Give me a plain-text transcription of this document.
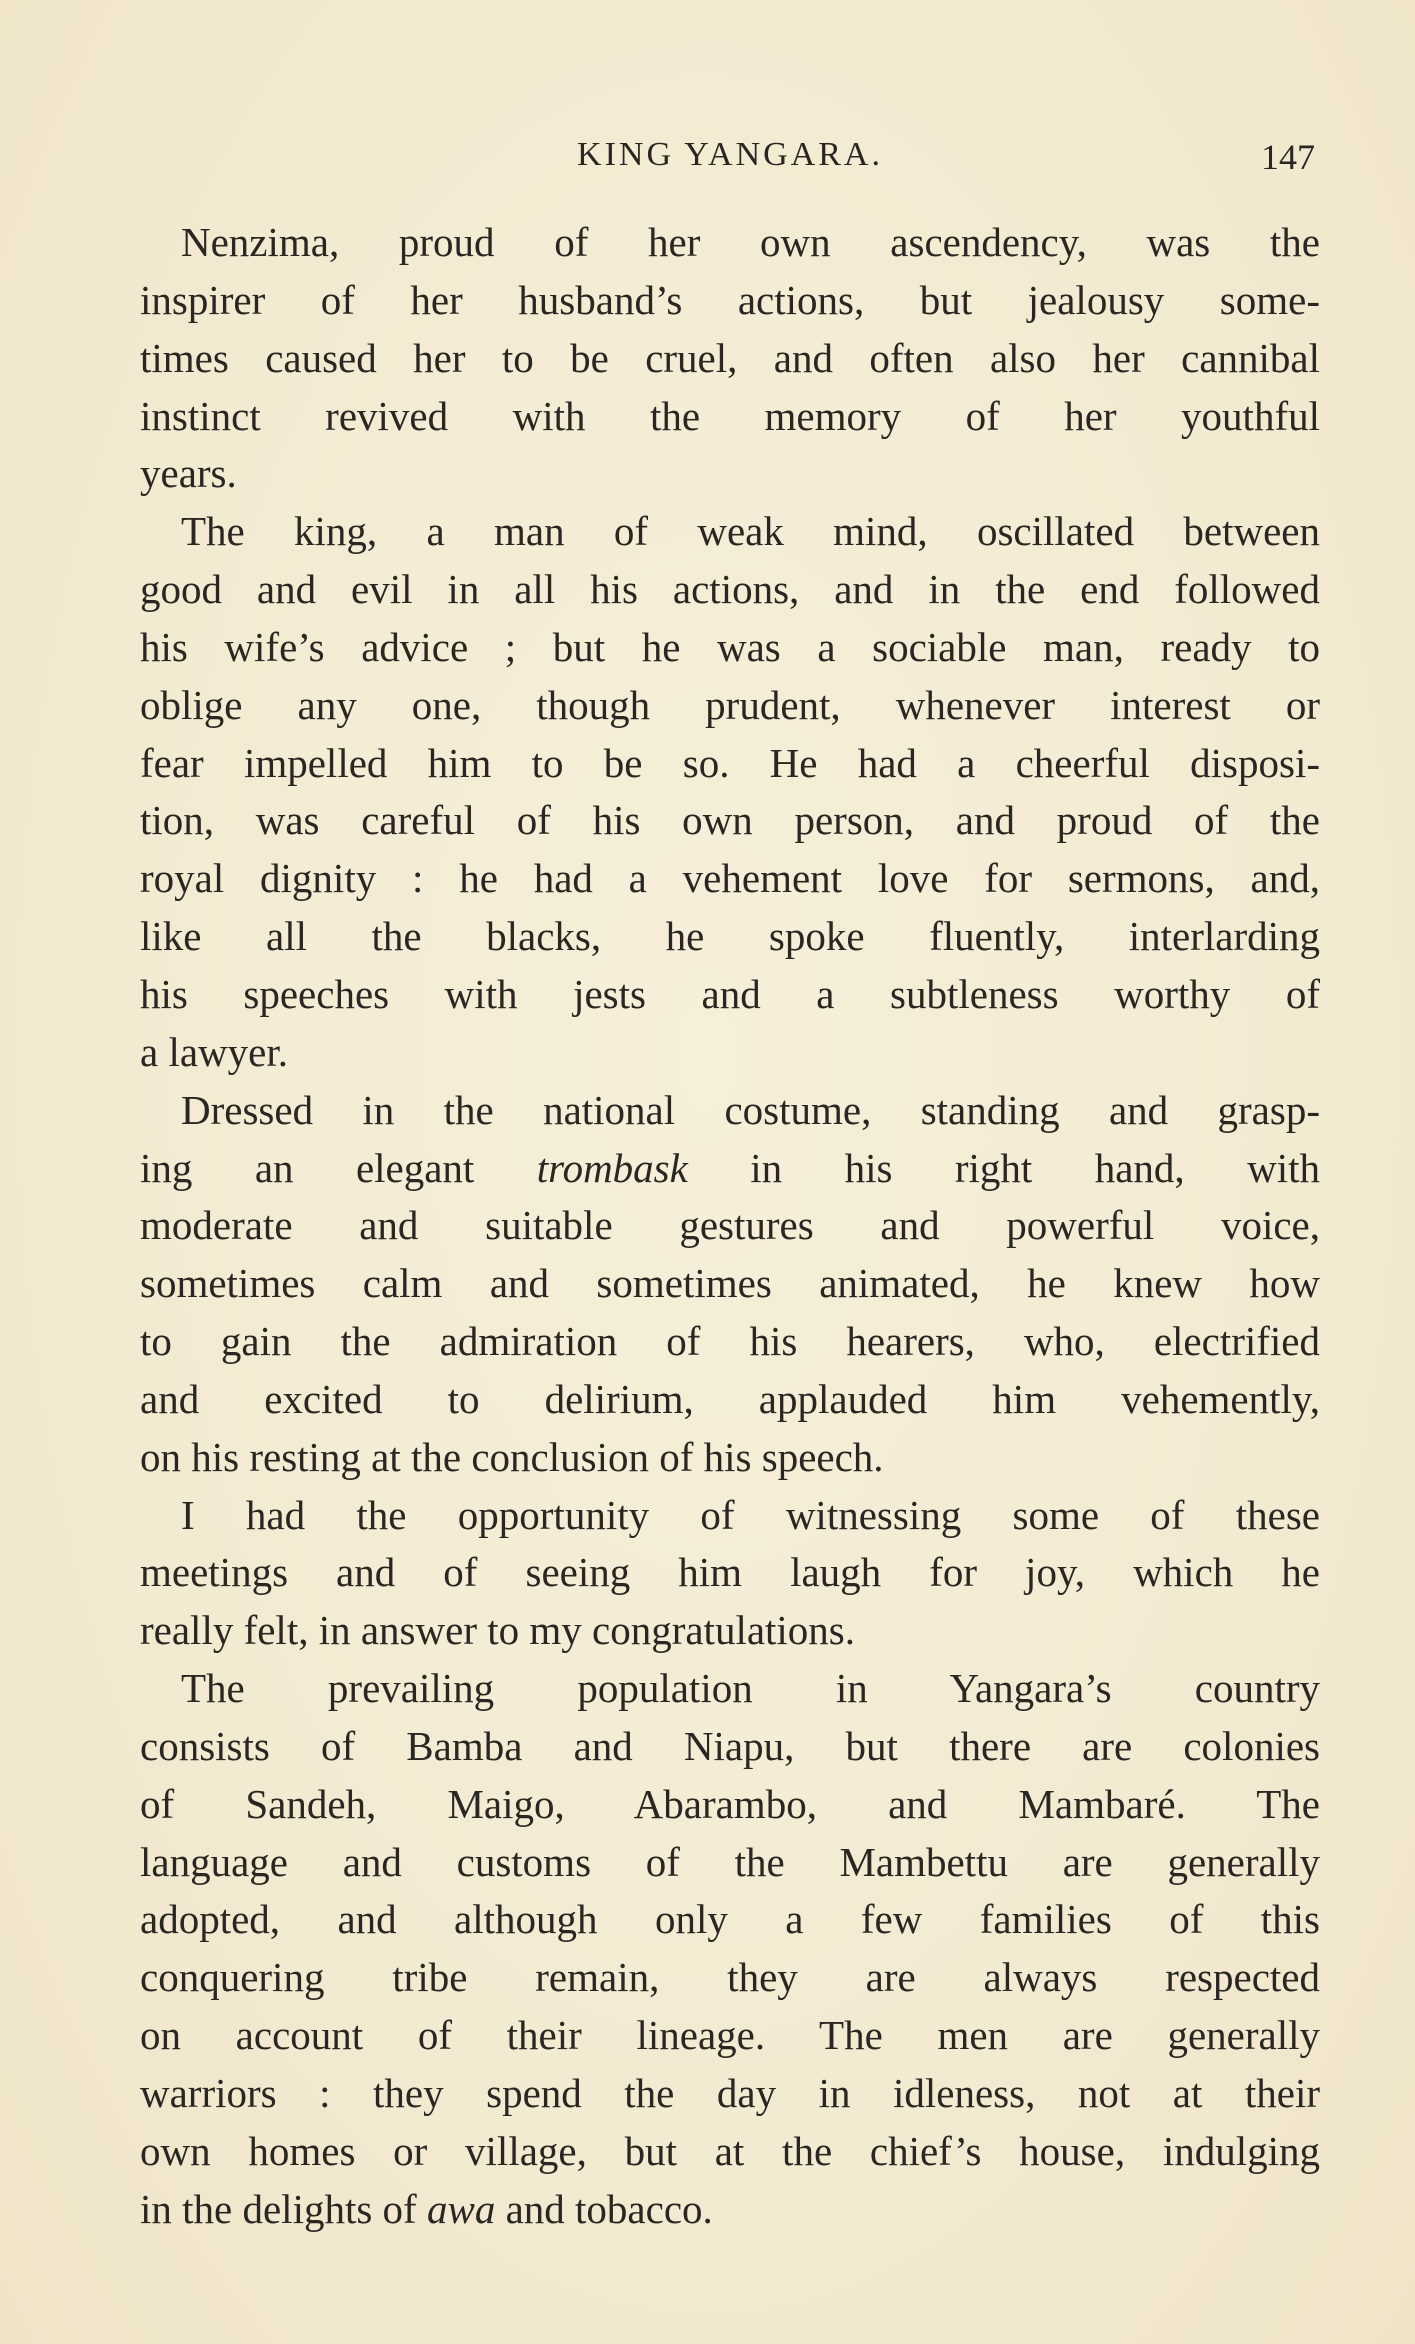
KING YANGARA.	147
Nenzima, proud of her own ascendency, was the
inspirer of her husband’s actions, but jealousy some-
times caused her to be cruel, and often also her cannibal
instinct revived with the memory of her youthful
years.
The king, a man of weak mind, oscillated between
good and evil in all his actions, and in the end followed
his wife’s advice ; but he was a sociable man, ready to
oblige any one, though prudent, whenever interest or
fear impelled him to be so. He had a cheerful disposi-
tion, was careful of his own person, and proud of the
royal dignity : he had a vehement love for sermons, and,
like all the blacks, he spoke fluently, interlarding
his speeches with jests and a subtleness worthy of
a lawyer.
Dressed in the national costume, standing and grasp-
ing an elegant trombask in his right hand, with
moderate and suitable gestures and powerful voice,
sometimes calm and sometimes animated, he knew how
to gain the admiration of his hearers, who, electrified
and excited to delirium, applauded him vehemently,
on his resting at the conclusion of his speech.
I had the opportunity of witnessing some of these
meetings and of seeing him laugh for joy, which he
really felt, in answer to my congratulations.
The prevailing population in Yangara’s country
consists of Bamba and Niapu, but there are colonies
of Sandeh, Maigo, Abarambo, and Mambaré. The
language and customs of the Mambettu are generally
adopted, and although only a few families of this
conquering tribe remain, they are always respected
on account of their lineage. The men are generally
warriors : they spend the day in idleness, not at their
own homes or village, but at the chief’s house, indulging
in the delights of awa and tobacco.
